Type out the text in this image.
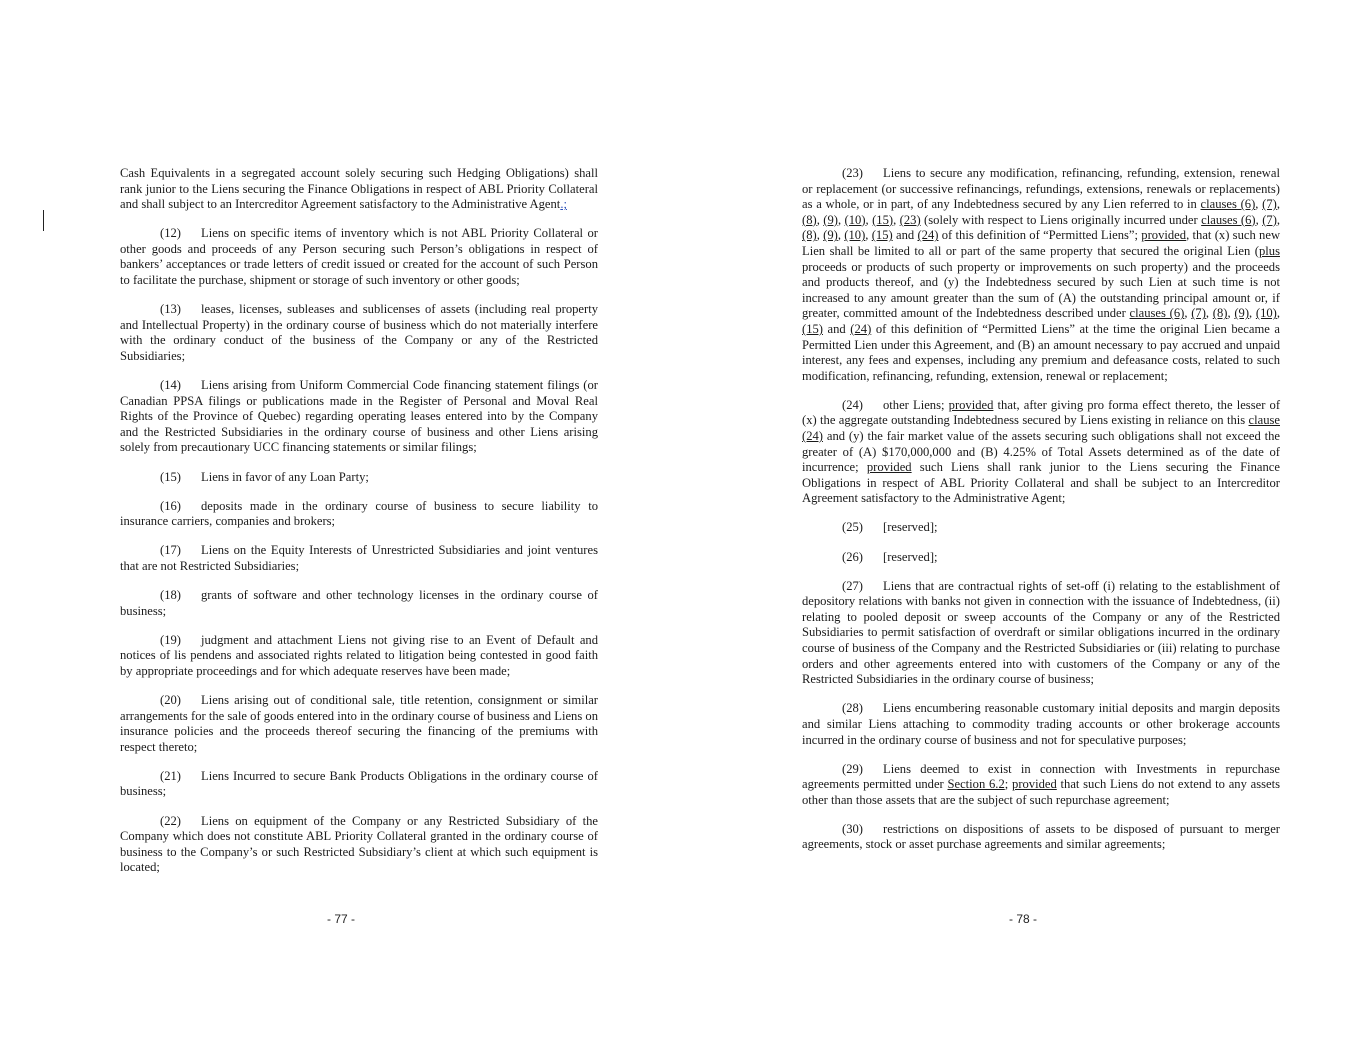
Cash Equivalents in a segregated account solely securing such Hedging Obligations) shall rank junior to the Liens securing the Finance Obligations in respect of ABL Priority Collateral and shall subject to an Intercreditor Agreement satisfactory to the Administrative Agent.;

(12) Liens on specific items of inventory which is not ABL Priority Collateral or other goods and proceeds of any Person securing such Person’s obligations in respect of bankers’ acceptances or trade letters of credit issued or created for the account of such Person to facilitate the purchase, shipment or storage of such inventory or other goods;

(13) leases, licenses, subleases and sublicenses of assets (including real property and Intellectual Property) in the ordinary course of business which do not materially interfere with the ordinary conduct of the business of the Company or any of the Restricted Subsidiaries;

(14) Liens arising from Uniform Commercial Code financing statement filings (or Canadian PPSA filings or publications made in the Register of Personal and Moval Real Rights of the Province of Quebec) regarding operating leases entered into by the Company and the Restricted Subsidiaries in the ordinary course of business and other Liens arising solely from precautionary UCC financing statements or similar filings;

(15) Liens in favor of any Loan Party;

(16) deposits made in the ordinary course of business to secure liability to insurance carriers, companies and brokers;

(17) Liens on the Equity Interests of Unrestricted Subsidiaries and joint ventures that are not Restricted Subsidiaries;

(18) grants of software and other technology licenses in the ordinary course of business;

(19) judgment and attachment Liens not giving rise to an Event of Default and notices of lis pendens and associated rights related to litigation being contested in good faith by appropriate proceedings and for which adequate reserves have been made;

(20) Liens arising out of conditional sale, title retention, consignment or similar arrangements for the sale of goods entered into in the ordinary course of business and Liens on insurance policies and the proceeds thereof securing the financing of the premiums with respect thereto;

(21) Liens Incurred to secure Bank Products Obligations in the ordinary course of business;

(22) Liens on equipment of the Company or any Restricted Subsidiary of the Company which does not constitute ABL Priority Collateral granted in the ordinary course of business to the Company’s or such Restricted Subsidiary’s client at which such equipment is located;

- 77 -

(23) Liens to secure any modification, refinancing, refunding, extension, renewal or replacement (or successive refinancings, refundings, extensions, renewals or replacements) as a whole, or in part, of any Indebtedness secured by any Lien referred to in clauses (6), (7), (8), (9), (10), (15), (23) (solely with respect to Liens originally incurred under clauses (6), (7), (8), (9), (10), (15) and (24) of this definition of “Permitted Liens”; provided, that (x) such new Lien shall be limited to all or part of the same property that secured the original Lien (plus proceeds or products of such property or improvements on such property) and the proceeds and products thereof, and (y) the Indebtedness secured by such Lien at such time is not increased to any amount greater than the sum of (A) the outstanding principal amount or, if greater, committed amount of the Indebtedness described under clauses (6), (7), (8), (9), (10), (15) and (24) of this definition of “Permitted Liens” at the time the original Lien became a Permitted Lien under this Agreement, and (B) an amount necessary to pay accrued and unpaid interest, any fees and expenses, including any premium and defeasance costs, related to such modification, refinancing, refunding, extension, renewal or replacement;

(24) other Liens; provided that, after giving pro forma effect thereto, the lesser of (x) the aggregate outstanding Indebtedness secured by Liens existing in reliance on this clause (24) and (y) the fair market value of the assets securing such obligations shall not exceed the greater of (A) $170,000,000 and (B) 4.25% of Total Assets determined as of the date of incurrence; provided such Liens shall rank junior to the Liens securing the Finance Obligations in respect of ABL Priority Collateral and shall be subject to an Intercreditor Agreement satisfactory to the Administrative Agent;

(25) [reserved];

(26) [reserved];

(27) Liens that are contractual rights of set-off (i) relating to the establishment of depository relations with banks not given in connection with the issuance of Indebtedness, (ii) relating to pooled deposit or sweep accounts of the Company or any of the Restricted Subsidiaries to permit satisfaction of overdraft or similar obligations incurred in the ordinary course of business of the Company and the Restricted Subsidiaries or (iii) relating to purchase orders and other agreements entered into with customers of the Company or any of the Restricted Subsidiaries in the ordinary course of business;

(28) Liens encumbering reasonable customary initial deposits and margin deposits and similar Liens attaching to commodity trading accounts or other brokerage accounts incurred in the ordinary course of business and not for speculative purposes;

(29) Liens deemed to exist in connection with Investments in repurchase agreements permitted under Section 6.2; provided that such Liens do not extend to any assets other than those assets that are the subject of such repurchase agreement;

(30) restrictions on dispositions of assets to be disposed of pursuant to merger agreements, stock or asset purchase agreements and similar agreements;

- 78 -
